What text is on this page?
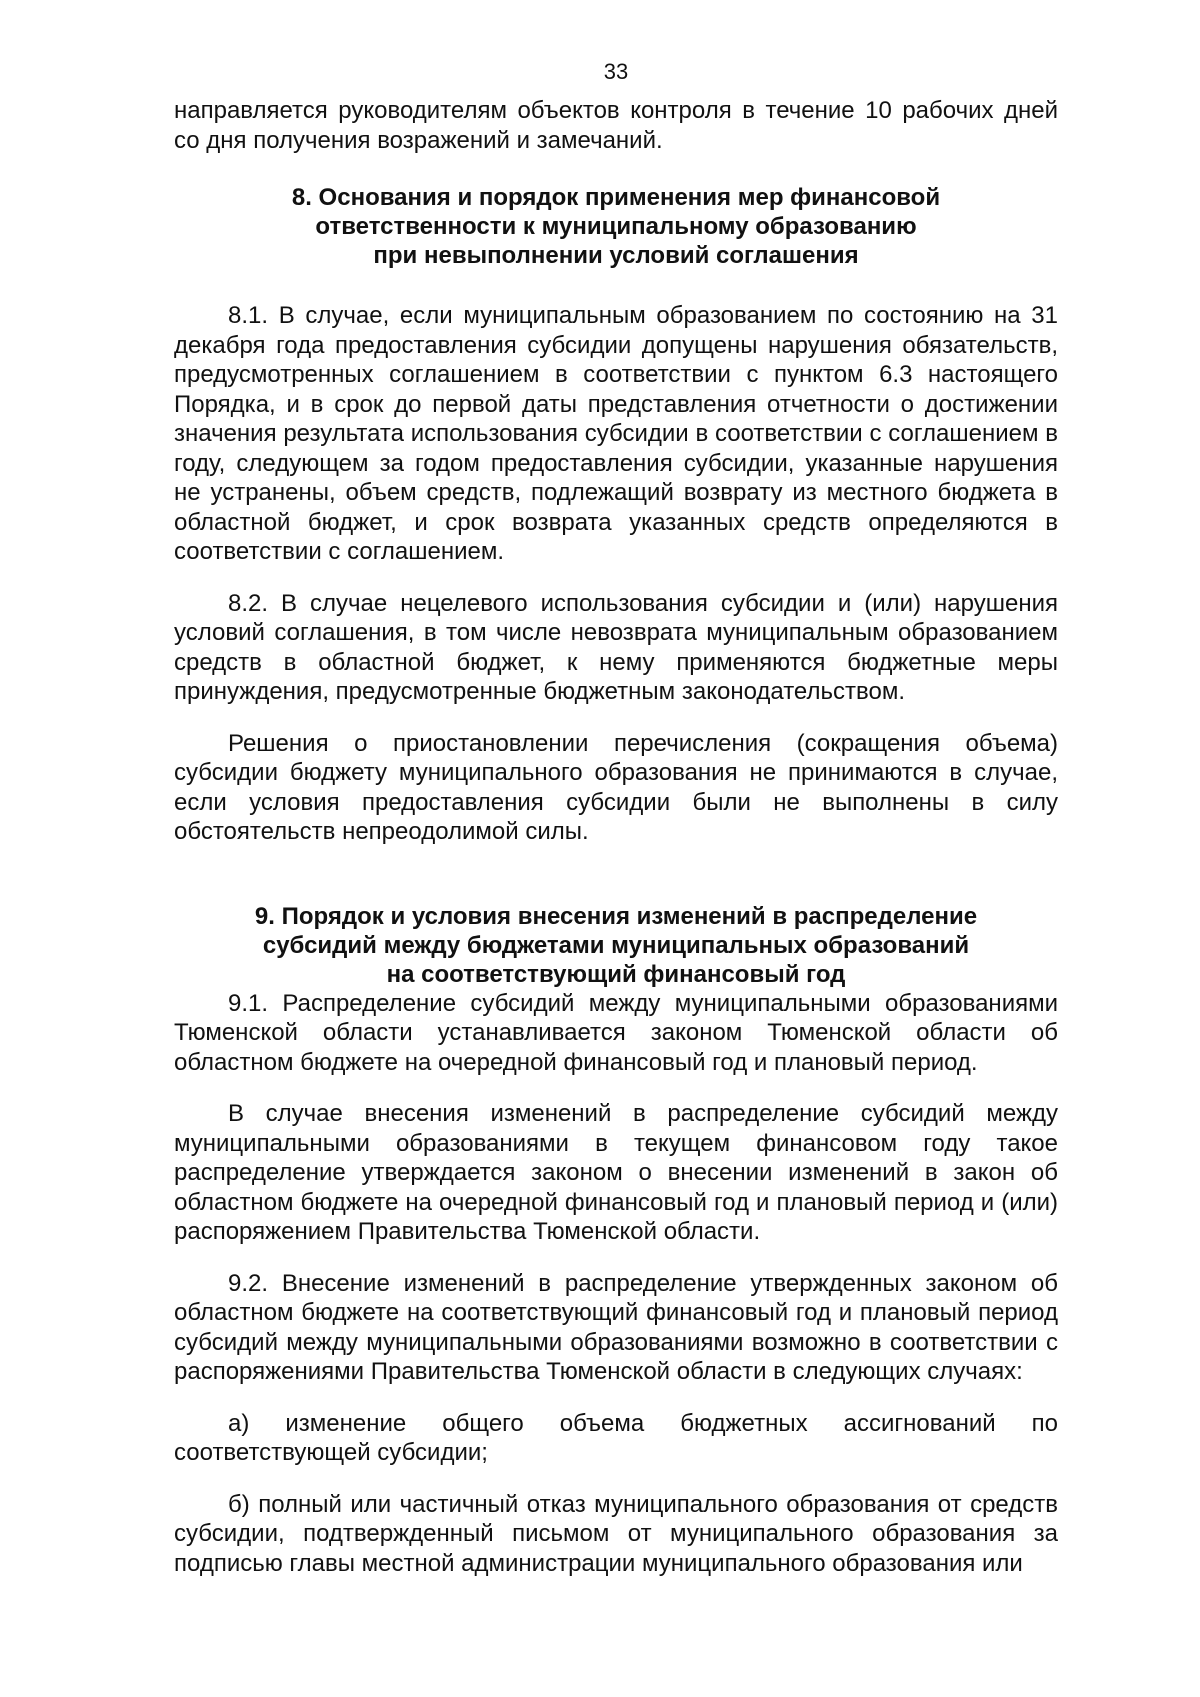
33

направляется руководителям объектов контроля в течение 10 рабочих дней со дня получения возражений и замечаний.

8. Основания и порядок применения мер финансовой
ответственности к муниципальному образованию
при невыполнении условий соглашения

8.1. В случае, если муниципальным образованием по состоянию на 31 декабря года предоставления субсидии допущены нарушения обязательств, предусмотренных соглашением в соответствии с пунктом 6.3 настоящего Порядка, и в срок до первой даты представления отчетности о достижении значения результата использования субсидии в соответствии с соглашением в году, следующем за годом предоставления субсидии, указанные нарушения не устранены, объем средств, подлежащий возврату из местного бюджета в областной бюджет, и срок возврата указанных средств определяются в соответствии с соглашением.

8.2. В случае нецелевого использования субсидии и (или) нарушения условий соглашения, в том числе невозврата муниципальным образованием средств в областной бюджет, к нему применяются бюджетные меры принуждения, предусмотренные бюджетным законодательством.

Решения о приостановлении перечисления (сокращения объема) субсидии бюджету муниципального образования не принимаются в случае, если условия предоставления субсидии были не выполнены в силу обстоятельств непреодолимой силы.

9. Порядок и условия внесения изменений в распределение
субсидий между бюджетами муниципальных образований
на соответствующий финансовый год

9.1. Распределение субсидий между муниципальными образованиями Тюменской области устанавливается законом Тюменской области об областном бюджете на очередной финансовый год и плановый период.

В случае внесения изменений в распределение субсидий между муниципальными образованиями в текущем финансовом году такое распределение утверждается законом о внесении изменений в закон об областном бюджете на очередной финансовый год и плановый период и (или) распоряжением Правительства Тюменской области.

9.2. Внесение изменений в распределение утвержденных законом об областном бюджете на соответствующий финансовый год и плановый период субсидий между муниципальными образованиями возможно в соответствии с распоряжениями Правительства Тюменской области в следующих случаях:

а) изменение общего объема бюджетных ассигнований по соответствующей субсидии;

б) полный или частичный отказ муниципального образования от средств субсидии, подтвержденный письмом от муниципального образования за подписью главы местной администрации муниципального образования или
